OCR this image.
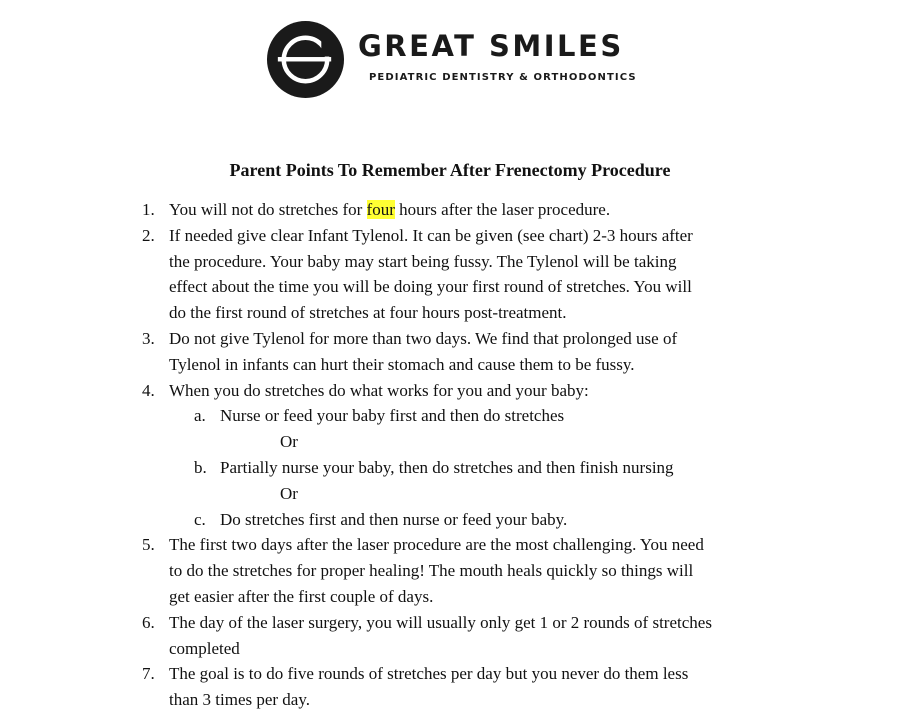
GREAT SMILES
PEDIATRIC DENTISTRY & ORTHODONTICS
Parent Points To Remember After Frenectomy Procedure
1. You will not do stretches for four hours after the laser procedure.
2. If needed give clear Infant Tylenol. It can be given (see chart) 2-3 hours after
the procedure. Your baby may start being fussy. The Tylenol will be taking
effect about the time you will be doing your first round of stretches. You will
do the first round of stretches at four hours post-treatment.
3. Do not give Tylenol for more than two days. We find that prolonged use of
Tylenol in infants can hurt their stomach and cause them to be fussy.
4. When you do stretches do what works for you and your baby:
a. Nurse or feed your baby first and then do stretches
Or
b. Partially nurse your baby, then do stretches and then finish nursing
Or
c. Do stretches first and then nurse or feed your baby.
5. The first two days after the laser procedure are the most challenging. You need
to do the stretches for proper healing! The mouth heals quickly so things will
get easier after the first couple of days.
6. The day of the laser surgery, you will usually only get 1 or 2 rounds of stretches
completed
7. The goal is to do five rounds of stretches per day but you never do them less
than 3 times per day.
